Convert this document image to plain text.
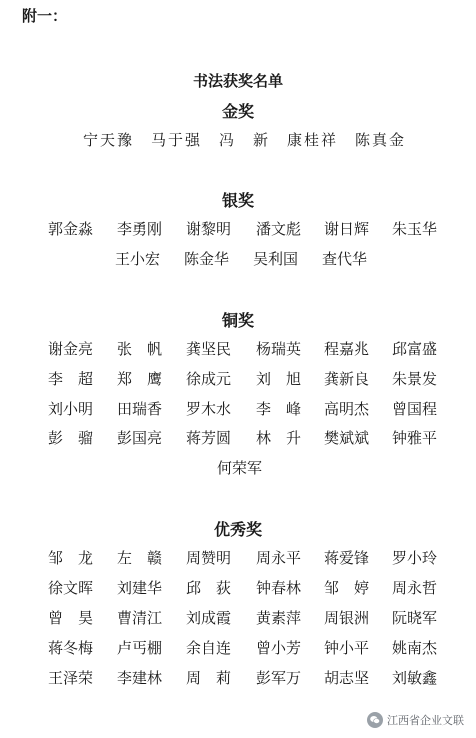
附一：
书法获奖名单
金奖
银奖
铜奖
优秀奖
宁天豫 马于强 冯　新 康桂祥 陈真金
郭金淼 李勇刚 谢黎明 潘文彪 谢日辉 朱玉华
王小宏 陈金华 吴利国 查代华
谢金亮 张　帆 龚坚民 杨瑞英 程嘉兆 邱富盛
李　超 郑　鹰 徐成元 刘　旭 龚新良 朱景发
刘小明 田瑞香 罗木水 李　峰 高明杰 曾国程
彭　骝 彭国亮 蒋芳圆 林　升 樊斌斌 钟雅平
何荣军
邹　龙 左　赣 周赞明 周永平 蒋爱锋 罗小玲
徐文晖 刘建华 邱　荻 钟春林 邹　婷 周永哲
曾　昊 曹清江 刘成霞 黄素萍 周银洲 阮晓军
蒋冬梅 卢丐棚 余自连 曾小芳 钟小平 姚南杰
王泽荣 李建林 周　莉 彭军万 胡志坚 刘敏鑫
江西省企业文联
